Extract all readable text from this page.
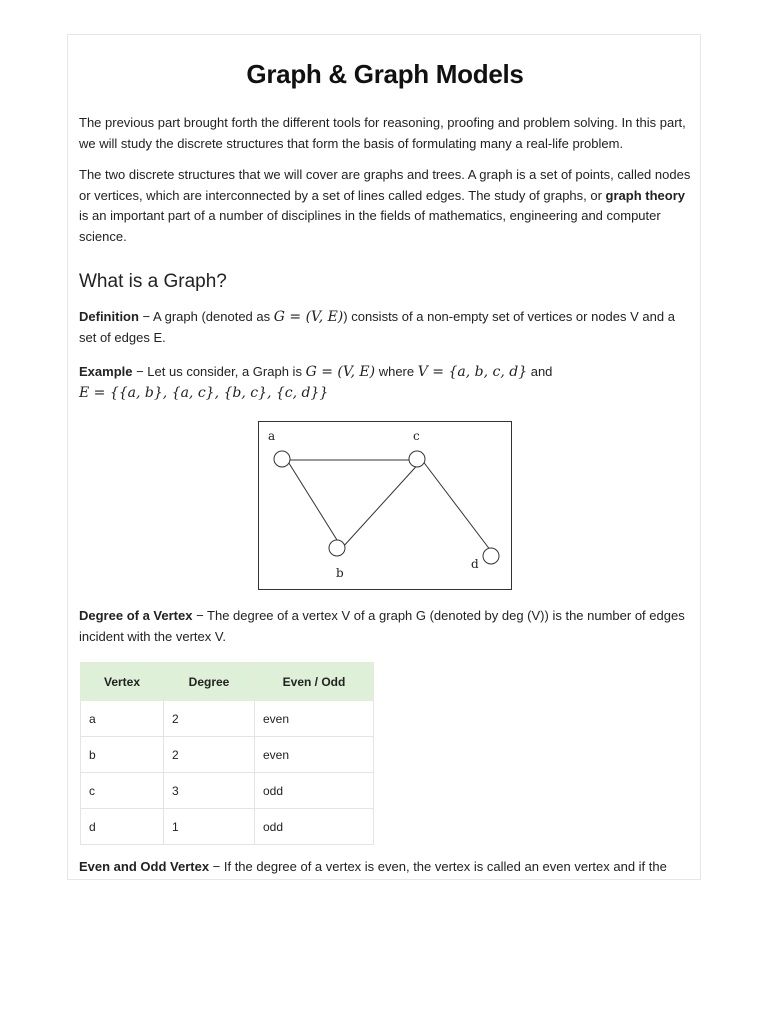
Graph & Graph Models

The previous part brought forth the different tools for reasoning, proofing and problem solving. In this part, we will study the discrete structures that form the basis of formulating many a real-life problem.

The two discrete structures that we will cover are graphs and trees. A graph is a set of points, called nodes or vertices, which are interconnected by a set of lines called edges. The study of graphs, or graph theory is an important part of a number of disciplines in the fields of mathematics, engineering and computer science.

What is a Graph?

Definition − A graph (denoted as G = (V, E)) consists of a non-empty set of vertices or nodes V and a set of edges E.

Example − Let us consider, a Graph is G = (V, E) where V = {a, b, c, d} and
E = {{a, b}, {a, c}, {b, c}, {c, d}}

a	c
b
d

Degree of a Vertex − The degree of a vertex V of a graph G (denoted by deg (V)) is the number of edges incident with the vertex V.

Vertex	Degree	Even / Odd
a	2	even
b	2	even
c	3	odd
d	1	odd

Even and Odd Vertex − If the degree of a vertex is even, the vertex is called an even vertex and if the
